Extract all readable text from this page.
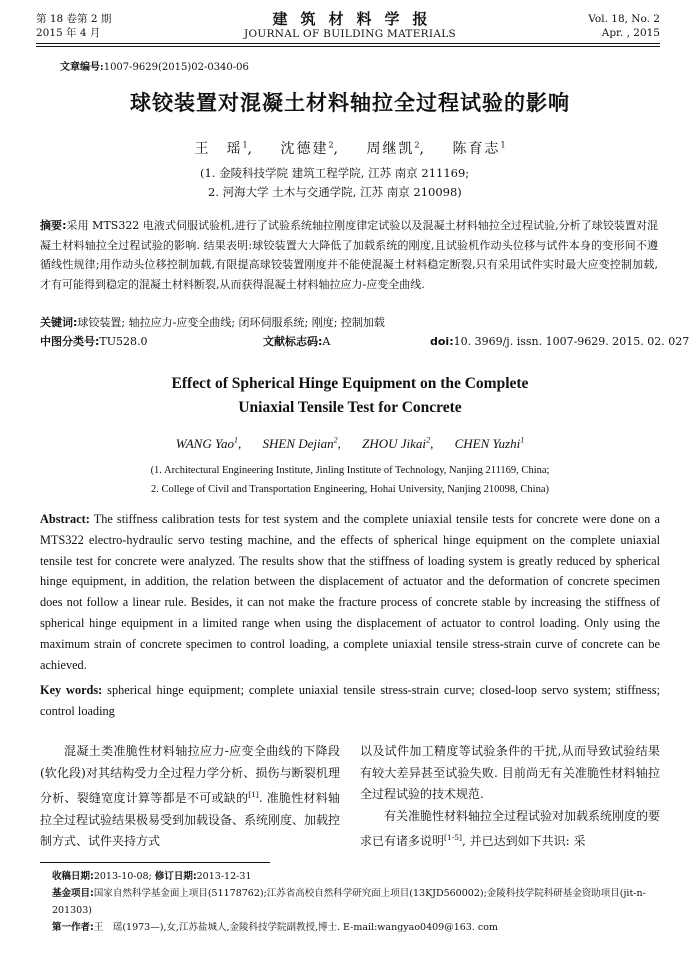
第 18 卷第 2 期
2015 年 4 月
建筑材料学报
JOURNAL OF BUILDING MATERIALS
Vol. 18, No. 2
Apr. , 2015
文章编号:1007-9629(2015)02-0340-06
球铰装置对混凝土材料轴拉全过程试验的影响
王　瑶$^1$, 沈德建$^2$, 周继凯$^2$, 陈育志$^1$
(1. 金陵科技学院 建筑工程学院, 江苏 南京 211169;
2. 河海大学 土木与交通学院, 江苏 南京 210098)
摘要:采用 MTS322 电液式伺服试验机,进行了试验系统轴拉刚度律定试验以及混凝土材料轴拉全过程试验,分析了球铰装置对混凝土材料轴拉全过程试验的影响. 结果表明:球铰装置大大降低了加载系统的刚度,且试验机作动头位移与试件本身的变形间不遵循线性规律;用作动头位移控制加载,有限提高球铰装置刚度并不能使混凝土材料稳定断裂,只有采用试件实时最大应变控制加载,才有可能得到稳定的混凝土材料断裂,从而获得混凝土材料轴拉应力-应变全曲线.
关键词:球铰装置; 轴拉应力-应变全曲线; 闭环伺服系统; 刚度; 控制加载
中图分类号:TU528.0	文献标志码:A	doi:10. 3969/j. issn. 1007-9629. 2015. 02. 027
Effect of Spherical Hinge Equipment on the Complete
Uniaxial Tensile Test for Concrete
WANG Yao$^1$, SHEN Dejian$^2$, ZHOU Jikai$^2$, CHEN Yuzhi$^1$
(1. Architectural Engineering Institute, Jinling Institute of Technology, Nanjing 211169, China;
2. College of Civil and Transportation Engineering, Hohai University, Nanjing 210098, China)
Abstract: The stiffness calibration tests for test system and the complete uniaxial tensile tests for concrete were done on a MTS322 electro-hydraulic servo testing machine, and the effects of spherical hinge equipment on the complete uniaxial tensile test for concrete were analyzed. The results show that the stiffness of loading system is greatly reduced by spherical hinge equipment, in addition, the relation between the displacement of actuator and the deformation of concrete specimen does not follow a linear rule. Besides, it can not make the fracture process of concrete stable by increasing the stiffness of spherical hinge equipment in a limited range when using the displacement of actuator to control loading. Only using the maximum strain of concrete specimen to control loading, a complete uniaxial tensile stress-strain curve of concrete can be achieved.
Key words: spherical hinge equipment; complete uniaxial tensile stress-strain curve; closed-loop servo system; stiffness; control loading

混凝土类准脆性材料轴拉应力-应变全曲线的下降段(软化段)对其结构受力全过程力学分析、损伤与断裂机理分析、裂缝宽度计算等都是不可或缺的[1]. 准脆性材料轴拉全过程试验结果极易受到加载设备、系统刚度、加载控制方式、试件夹持方式

以及试件加工精度等试验条件的干扰,从而导致试验结果有较大差异甚至试验失败. 目前尚无有关准脆性材料轴拉全过程试验的技术规范.

有关准脆性材料轴拉全过程试验对加载系统刚度的要求已有诸多说明[1-5], 并已达到如下共识: 采

收稿日期:2013-10-08; 修订日期:2013-12-31
基金项目:国家自然科学基金面上项目(51178762);江苏省高校自然科学研究面上项目(13KJD560002);金陵科技学院科研基金资助项目(jit-n-201303)
第一作者:王　瑶(1973—),女,江苏盐城人,金陵科技学院副教授,博士. E-mail:wangyao0409@163. com
